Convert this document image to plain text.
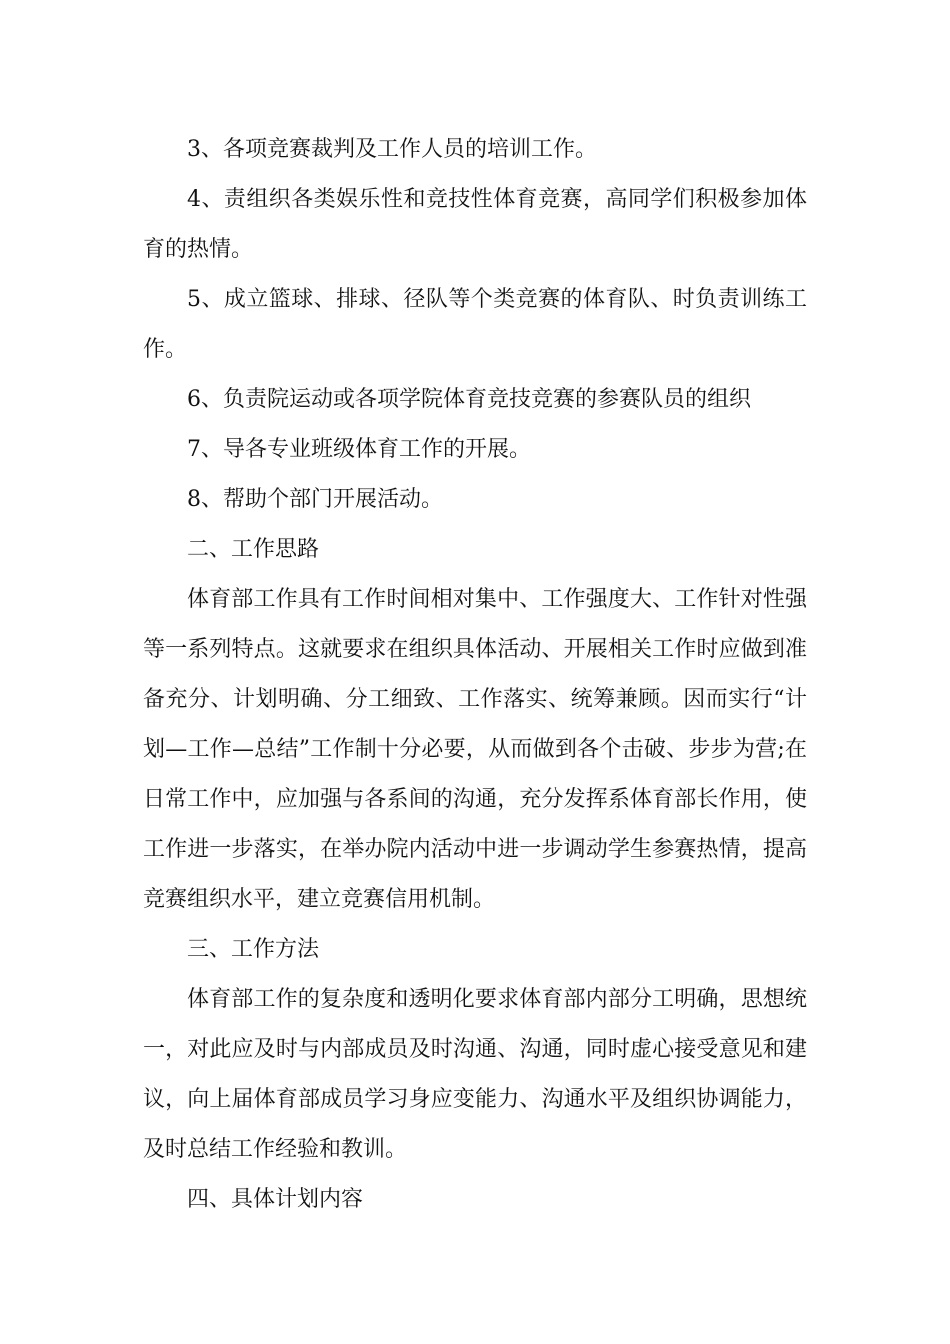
3、各项竞赛裁判及工作人员的培训工作。

4、责组织各类娱乐性和竞技性体育竞赛，高同学们积极参加体育的热情。

5、成立篮球、排球、径队等个类竞赛的体育队、时负责训练工作。

6、负责院运动或各项学院体育竞技竞赛的参赛队员的组织

7、导各专业班级体育工作的开展。

8、帮助个部门开展活动。

二、工作思路

体育部工作具有工作时间相对集中、工作强度大、工作针对性强等一系列特点。这就要求在组织具体活动、开展相关工作时应做到准备充分、计划明确、分工细致、工作落实、统筹兼顾。因而实行“计划—工作—总结”工作制十分必要，从而做到各个击破、步步为营;在日常工作中，应加强与各系间的沟通，充分发挥系体育部长作用，使工作进一步落实，在举办院内活动中进一步调动学生参赛热情，提高竞赛组织水平，建立竞赛信用机制。

三、工作方法

体育部工作的复杂度和透明化要求体育部内部分工明确，思想统一，对此应及时与内部成员及时沟通、沟通，同时虚心接受意见和建议，向上届体育部成员学习身应变能力、沟通水平及组织协调能力，及时总结工作经验和教训。

四、具体计划内容
